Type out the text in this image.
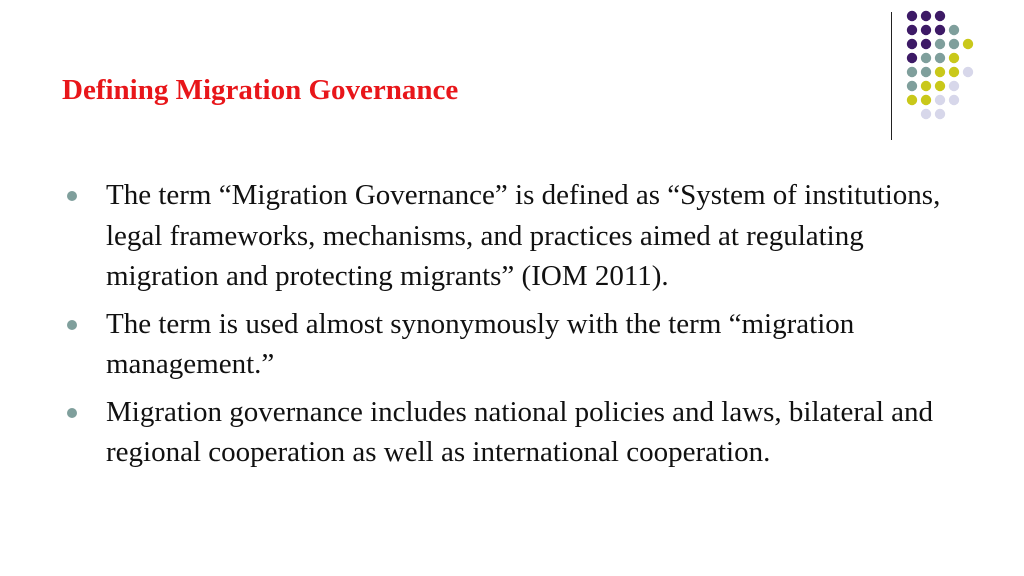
Defining Migration Governance
The term “Migration Governance” is defined as “System of institutions, legal frameworks, mechanisms, and practices aimed at regulating migration and protecting migrants” (IOM 2011).
The term is used almost synonymously with the term “migration management.”
Migration governance includes national policies and laws, bilateral and regional cooperation as well as international cooperation.
